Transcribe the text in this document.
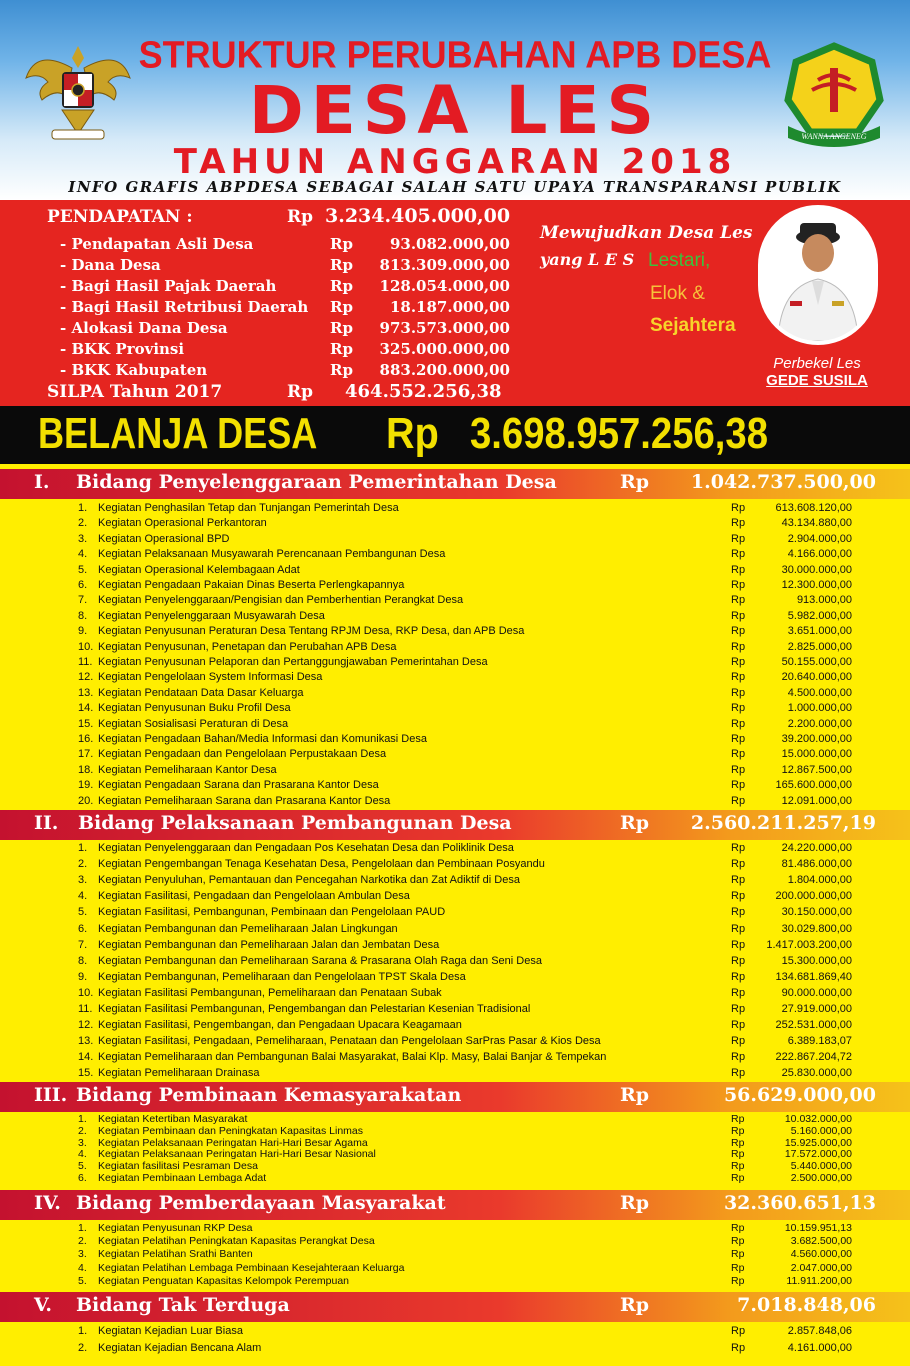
WANNA ANGENEG
STRUKTUR PERUBAHAN APB DESA
DESA LES
TAHUN ANGGARAN 2018
INFO GRAFIS ABPDESA SEBAGAI SALAH SATU UPAYA TRANSPARANSI PUBLIK
PENDAPATAN :	Rp 3.234.405.000,00
- Pendapatan Asli Desa	Rp 93.082.000,00
- Dana Desa	Rp 813.309.000,00
- Bagi Hasil Pajak Daerah	Rp 128.054.000,00
- Bagi Hasil Retribusi Daerah Rp 18.187.000,00
- Alokasi Dana Desa	Rp 973.573.000,00
- BKK Provinsi	Rp 325.000.000,00
- BKK Kabupaten	Rp 883.200.000,00
SILPA Tahun 2017	Rp 464.552.256,38
Mewujudkan Desa Les
yang L E S Lestari,
Elok &
Sejahtera
Perbekel Les
GEDE SUSILA
BELANJA DESA Rp 3.698.957.256,38
I. Bidang Penyelenggaraan Pemerintahan Desa	Rp 1.042.737.500,00
1. Kegiatan Penghasilan Tetap dan Tunjangan Pemerintah Desa	Rp	613.608.120,00
2. Kegiatan Operasional Perkantoran	Rp	43.134.880,00
3. Kegiatan Operasional BPD	Rp	2.904.000,00
4. Kegiatan Pelaksanaan Musyawarah Perencanaan Pembangunan Desa	Rp	4.166.000,00
5. Kegiatan Operasional Kelembagaan Adat	Rp	30.000.000,00
6. Kegiatan Pengadaan Pakaian Dinas Beserta Perlengkapannya	Rp	12.300.000,00
7. Kegiatan Penyelenggaraan/Pengisian dan Pemberhentian Perangkat Desa	Rp	913.000,00
8. Kegiatan Penyelenggaraan Musyawarah Desa	Rp	5.982.000,00
9. Kegiatan Penyusunan Peraturan Desa Tentang RPJM Desa, RKP Desa, dan APB Desa	Rp	3.651.000,00
10. Kegiatan Penyusunan, Penetapan dan Perubahan APB Desa	Rp	2.825.000,00
11. Kegiatan Penyusunan Pelaporan dan Pertanggungjawaban Pemerintahan Desa	Rp	50.155.000,00
12. Kegiatan Pengelolaan System Informasi Desa	Rp	20.640.000,00
13. Kegiatan Pendataan Data Dasar Keluarga	Rp	4.500.000,00
14. Kegiatan Penyusunan Buku Profil Desa	Rp	1.000.000,00
15. Kegiatan Sosialisasi Peraturan di Desa	Rp	2.200.000,00
16. Kegiatan Pengadaan Bahan/Media Informasi dan Komunikasi Desa	Rp	39.200.000,00
17. Kegiatan Pengadaan dan Pengelolaan Perpustakaan Desa	Rp	15.000.000,00
18. Kegiatan Pemeliharaan Kantor Desa	Rp	12.867.500,00
19. Kegiatan Pengadaan Sarana dan Prasarana Kantor Desa	Rp	165.600.000,00
20. Kegiatan Pemeliharaan Sarana dan Prasarana Kantor Desa	Rp	12.091.000,00
II. Bidang Pelaksanaan Pembangunan Desa	Rp 2.560.211.257,19
1. Kegiatan Penyelenggaraan dan Pengadaan Pos Kesehatan Desa dan Poliklinik Desa	Rp	24.220.000,00
2. Kegiatan Pengembangan Tenaga Kesehatan Desa, Pengelolaan dan Pembinaan Posyandu	Rp	81.486.000,00
3. Kegiatan Penyuluhan, Pemantauan dan Pencegahan Narkotika dan Zat Adiktif di Desa	Rp	1.804.000,00
4. Kegiatan Fasilitasi, Pengadaan dan Pengelolaan Ambulan Desa	Rp	200.000.000,00
5. Kegiatan Fasilitasi, Pembangunan, Pembinaan dan Pengelolaan PAUD	Rp	30.150.000,00
6. Kegiatan Pembangunan dan Pemeliharaan Jalan Lingkungan	Rp	30.029.800,00
7. Kegiatan Pembangunan dan Pemeliharaan Jalan dan Jembatan Desa	Rp 1.417.003.200,00
8. Kegiatan Pembangunan dan Pemeliharaan Sarana & Prasarana Olah Raga dan Seni Desa	Rp	15.300.000,00
9. Kegiatan Pembangunan, Pemeliharaan dan Pengelolaan TPST Skala Desa	Rp	134.681.869,40
10. Kegiatan Fasilitasi Pembangunan, Pemeliharaan dan Penataan Subak	Rp	90.000.000,00
11. Kegiatan Fasilitasi Pembangunan, Pengembangan dan Pelestarian Kesenian Tradisional	Rp	27.919.000,00
12. Kegiatan Fasilitasi, Pengembangan, dan Pengadaan Upacara Keagamaan	Rp	252.531.000,00
13. Kegiatan Fasilitasi, Pengadaan, Pemeliharaan, Penataan dan Pengelolaan SarPras Pasar & Kios Desa	Rp	6.389.183,07
14. Kegiatan Pemeliharaan dan Pembangunan Balai Masyarakat, Balai Klp. Masy, Balai Banjar & Tempekan	Rp	222.867.204,72
15. Kegiatan Pemeliharaan Drainasa	Rp	25.830.000,00
III. Bidang Pembinaan Kemasyarakatan	Rp	56.629.000,00
1.	Kegiatan Ketertiban Masyarakat	Rp	10.032.000,00
2.	Kegiatan Pembinaan dan Peningkatan Kapasitas Linmas	Rp	5.160.000,00
3.	Kegiatan Pelaksanaan Peringatan Hari-Hari Besar Agama	Rp	15.925.000,00
4.	Kegiatan Pelaksanaan Peringatan Hari-Hari Besar Nasional	Rp	17.572.000,00
5.	Kegiatan fasilitasi Pesraman Desa	Rp	5.440.000,00
6.	Kegiatan Pembinaan Lembaga Adat	Rp	2.500.000,00
IV. Bidang Pemberdayaan Masyarakat	Rp	32.360.651,13
1.	Kegiatan Penyusunan RKP Desa	Rp	10.159.951,13
2.	Kegiatan Pelatihan Peningkatan Kapasitas Perangkat Desa	Rp	3.682.500,00
3.	Kegiatan Pelatihan Srathi Banten	Rp	4.560.000,00
4.	Kegiatan Pelatihan Lembaga Pembinaan Kesejahteraan Keluarga	Rp	2.047.000,00
5.	Kegiatan Penguatan Kapasitas Kelompok Perempuan	Rp	11.911.200,00
V. Bidang Tak Terduga	Rp	7.018.848,06
1. Kegiatan Kejadian Luar Biasa	Rp	2.857.848,06
2. Kegiatan Kejadian Bencana Alam	Rp	4.161.000,00
